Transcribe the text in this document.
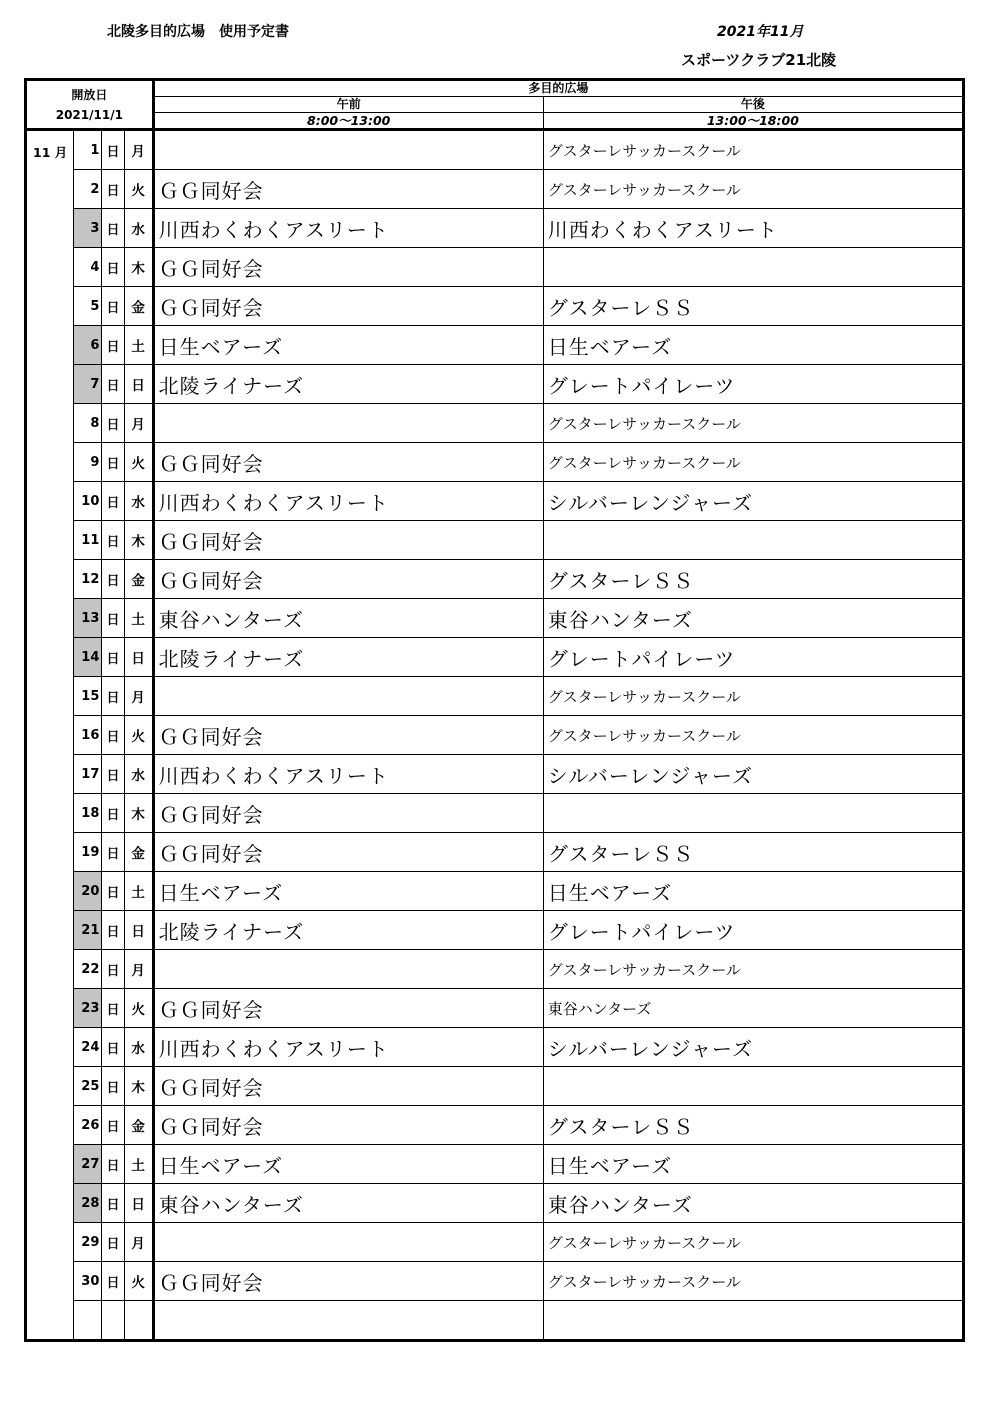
北陵多目的広場　使用予定書	2021年11月
スポーツクラブ21北陵
開放日
2021/11/1				多目的広場	
				午前	午後
				8:00～13:00	13:00～18:00
11 月	1	日	月		グスターレサッカースクール
	2	日	火	ＧＧ同好会	グスターレサッカースクール
	3	日	水	川西わくわくアスリート	川西わくわくアスリート
	4	日	木	ＧＧ同好会	
	5	日	金	ＧＧ同好会	グスターレＳＳ
	6	日	土	日生ベアーズ	日生ベアーズ
	7	日	日	北陵ライナーズ	グレートパイレーツ
	8	日	月		グスターレサッカースクール
	9	日	火	ＧＧ同好会	グスターレサッカースクール
	10	日	水	川西わくわくアスリート	シルバーレンジャーズ
	11	日	木	ＧＧ同好会	
	12	日	金	ＧＧ同好会	グスターレＳＳ
	13	日	土	東谷ハンターズ	東谷ハンターズ
	14	日	日	北陵ライナーズ	グレートパイレーツ
	15	日	月		グスターレサッカースクール
	16	日	火	ＧＧ同好会	グスターレサッカースクール
	17	日	水	川西わくわくアスリート	シルバーレンジャーズ
	18	日	木	ＧＧ同好会	
	19	日	金	ＧＧ同好会	グスターレＳＳ
	20	日	土	日生ベアーズ	日生ベアーズ
	21	日	日	北陵ライナーズ	グレートパイレーツ
	22	日	月		グスターレサッカースクール
	23	日	火	ＧＧ同好会	東谷ハンターズ
	24	日	水	川西わくわくアスリート	シルバーレンジャーズ
	25	日	木	ＧＧ同好会	
	26	日	金	ＧＧ同好会	グスターレＳＳ
	27	日	土	日生ベアーズ	日生ベアーズ
	28	日	日	東谷ハンターズ	東谷ハンターズ
	29	日	月		グスターレサッカースクール
	30	日	火	ＧＧ同好会	グスターレサッカースクール
